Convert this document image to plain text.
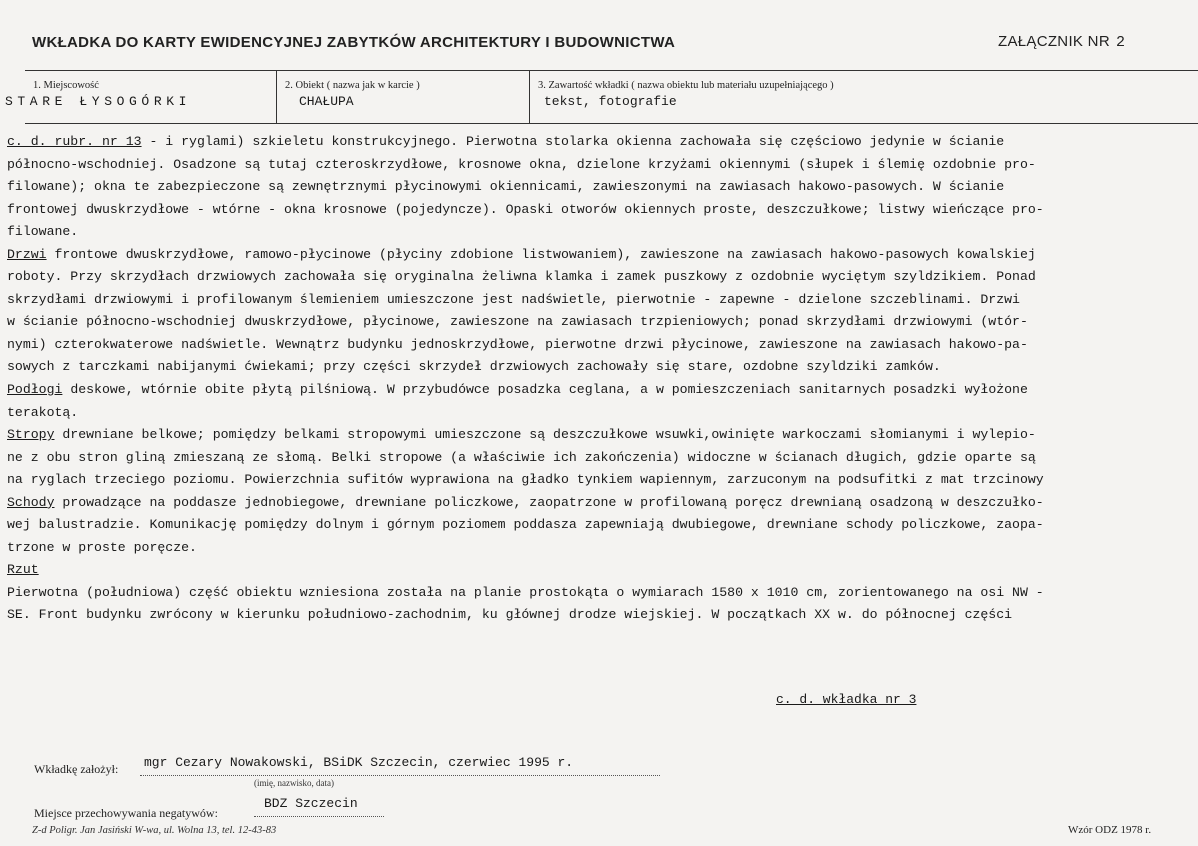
WKŁADKA DO KARTY EWIDENCYJNEJ ZABYTKÓW ARCHITEKTURY I BUDOWNICTWA	ZAŁĄCZNIK NR 2
1. Miejscowość
STARE ŁYSOGÓRKI
2. Obiekt ( nazwa jak w karcie )
CHAŁUPA
3. Zawartość wkładki ( nazwa obiektu lub materiału uzupełniającego )
tekst, fotografie
c. d. rubr. nr 13 - i ryglami) szkieletu konstrukcyjnego. Pierwotna stolarka okienna zachowała się częściowo jedynie w ścianie
północno-wschodniej. Osadzone są tutaj czteroskrzydłowe, krosnowe okna, dzielone krzyżami okiennymi (słupek i ślemię ozdobnie pro-
filowane); okna te zabezpieczone są zewnętrznymi płycinowymi okiennicami, zawieszonymi na zawiasach hakowo-pasowych. W ścianie
frontowej dwuskrzydłowe - wtórne - okna krosnowe (pojedyncze). Opaski otworów okiennych proste, deszczułkowe; listwy wieńczące pro-
filowane.
Drzwi frontowe dwuskrzydłowe, ramowo-płycinowe (płyciny zdobione listwowaniem), zawieszone na zawiasach hakowo-pasowych kowalskiej
roboty. Przy skrzydłach drzwiowych zachowała się oryginalna żeliwna klamka i zamek puszkowy z ozdobnie wyciętym szyldzikiem. Ponad
skrzydłami drzwiowymi i profilowanym ślemieniem umieszczone jest nadświetle, pierwotnie - zapewne - dzielone szczeblinami. Drzwi
w ścianie północno-wschodniej dwuskrzydłowe, płycinowe, zawieszone na zawiasach trzpieniowych; ponad skrzydłami drzwiowymi (wtór-
nymi) czterokwaterowe nadświetle. Wewnątrz budynku jednoskrzydłowe, pierwotne drzwi płycinowe, zawieszone na zawiasach hakowo-pa-
sowych z tarczkami nabijanymi ćwiekami; przy części skrzydeł drzwiowych zachowały się stare, ozdobne szyldziki zamków.
Podłogi deskowe, wtórnie obite płytą pilśniową. W przybudówce posadzka ceglana, a w pomieszczeniach sanitarnych posadzki wyłożone
terakotą.
Stropy drewniane belkowe; pomiędzy belkami stropowymi umieszczone są deszczułkowe wsuwki,owinięte warkoczami słomianymi i wylepio-
ne z obu stron gliną zmieszaną ze słomą. Belki stropowe (a właściwie ich zakończenia) widoczne w ścianach długich, gdzie oparte są
na ryglach trzeciego poziomu. Powierzchnia sufitów wyprawiona na gładko tynkiem wapiennym, zarzuconym na podsufitki z mat trzcinowy
Schody prowadzące na poddasze jednobiegowe, drewniane policzkowe, zaopatrzone w profilowaną poręcz drewnianą osadzoną w deszczułko-
wej balustradzie. Komunikację pomiędzy dolnym i górnym poziomem poddasza zapewniają dwubiegowe, drewniane schody policzkowe, zaopa-
trzone w proste poręcze.
Rzut
Pierwotna (południowa) część obiektu wzniesiona została na planie prostokąta o wymiarach 1580 x 1010 cm, zorientowanego na osi NW -
SE. Front budynku zwrócony w kierunku południowo-zachodnim, ku głównej drodze wiejskiej. W początkach XX w. do północnej części
c. d. wkładka nr 3
Wkładkę założył: mgr Cezary Nowakowski, BSiDK Szczecin, czerwiec 1995 r.
(imię, nazwisko, data)
Miejsce przechowywania negatywów:
BDZ Szczecin
Z-d Poligr. Jan Jasiński W-wa, ul. Wolna 13, tel. 12-43-83	Wzór ODZ 1978 r.
